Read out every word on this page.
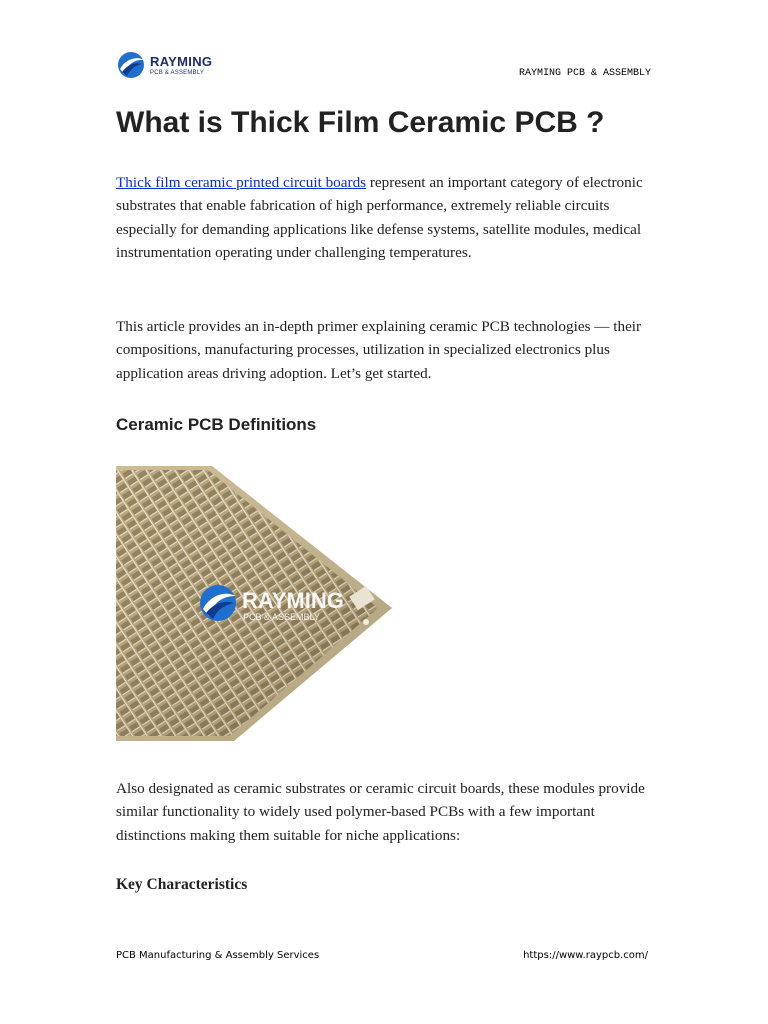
RAYMING
PCB & ASSEMBLY	RAYMING PCB & ASSEMBLY
What is Thick Film Ceramic PCB ?

Thick film ceramic printed circuit boards represent an important category of electronic substrates that enable fabrication of high performance, extremely reliable circuits especially for demanding applications like defense systems, satellite modules, medical instrumentation operating under challenging temperatures.

This article provides an in-depth primer explaining ceramic PCB technologies — their compositions, manufacturing processes, utilization in specialized electronics plus application areas driving adoption. Let’s get started.

Ceramic PCB Definitions
RAYMING
PCB & ASSEMBLY

Also designated as ceramic substrates or ceramic circuit boards, these modules provide similar functionality to widely used polymer-based PCBs with a few important distinctions making them suitable for niche applications:

Key Characteristics
PCB Manufacturing & Assembly Services	https://www.raypcb.com/
